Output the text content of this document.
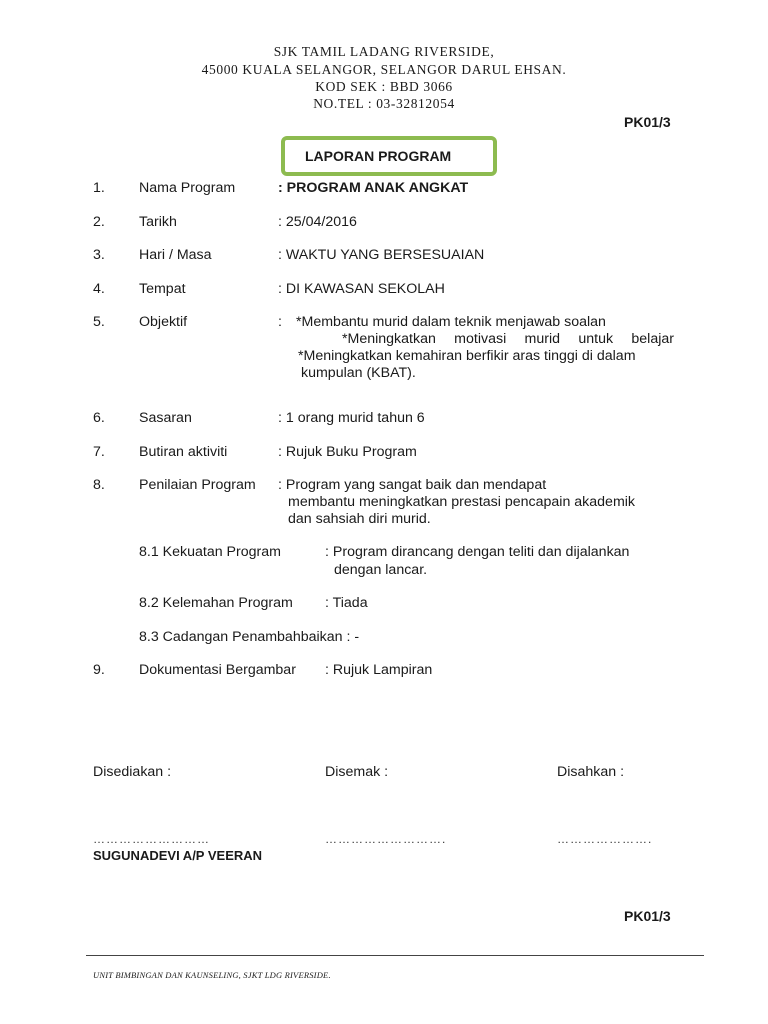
SJK TAMIL LADANG RIVERSIDE,
45000 KUALA SELANGOR, SELANGOR DARUL EHSAN.
KOD SEK : BBD 3066
NO.TEL : 03-32812054
PK01/3
LAPORAN PROGRAM
1. Nama Program	: PROGRAM ANAK ANGKAT
2. Tarikh	: 25/04/2016
3. Hari / Masa	: WAKTU YANG BERSESUAIAN
4. Tempat	: DI KAWASAN SEKOLAH
5. Objektif	: *Membantu murid dalam teknik menjawab soalan
*Meningkatkan motivasi murid untuk belajar
*Meningkatkan kemahiran berfikir aras tinggi di dalam
kumpulan (KBAT).
6. Sasaran	: 1 orang murid tahun 6
7. Butiran aktiviti	: Rujuk Buku Program
8. Penilaian Program : Program yang sangat baik dan mendapat
membantu meningkatkan prestasi pencapain akademik
dan sahsiah diri murid.
8.1 Kekuatan Program	: Program dirancang dengan teliti dan dijalankan
dengan lancar.
8.2 Kelemahan Program : Tiada
8.3 Cadangan Penambahbaikan : -
9. Dokumentasi Bergambar : Rujuk Lampiran
Disediakan :	Disemak :	Disahkan :
………………………	……………………….	………………….
SUGUNADEVI A/P VEERAN
PK01/3
UNIT BIMBINGAN DAN KAUNSELING, SJKT LDG RIVERSIDE.
